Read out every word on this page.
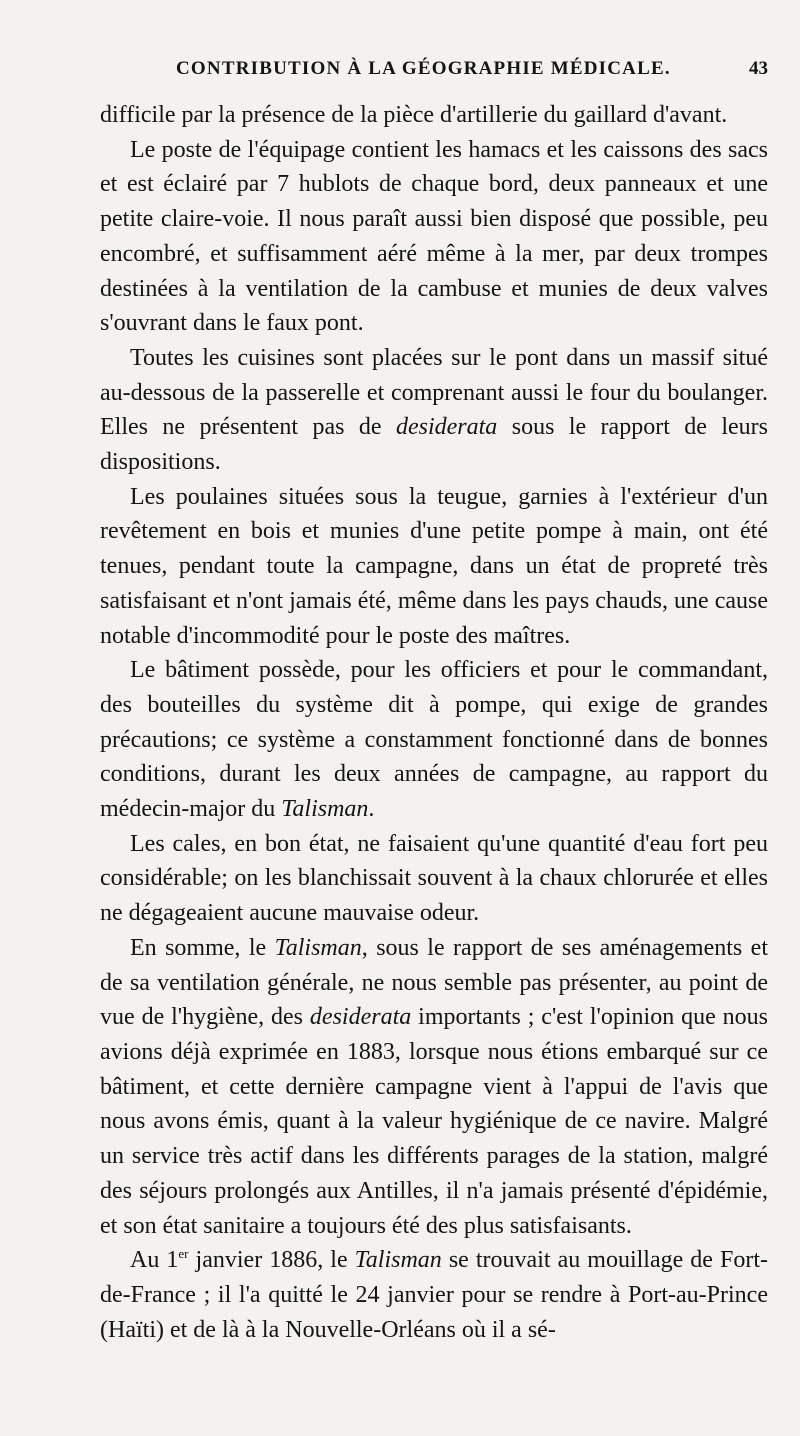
CONTRIBUTION À LA GÉOGRAPHIE MÉDICALE.	43

difficile par la présence de la pièce d'artillerie du gaillard d'avant.

Le poste de l'équipage contient les hamacs et les caissons des sacs et est éclairé par 7 hublots de chaque bord, deux panneaux et une petite claire-voie. Il nous paraît aussi bien disposé que possible, peu encombré, et suffisamment aéré même à la mer, par deux trompes destinées à la ventilation de la cambuse et munies de deux valves s'ouvrant dans le faux pont.

Toutes les cuisines sont placées sur le pont dans un massif situé au-dessous de la passerelle et comprenant aussi le four du boulanger. Elles ne présentent pas de desiderata sous le rapport de leurs dispositions.

Les poulaines situées sous la teugue, garnies à l'extérieur d'un revêtement en bois et munies d'une petite pompe à main, ont été tenues, pendant toute la campagne, dans un état de propreté très satisfaisant et n'ont jamais été, même dans les pays chauds, une cause notable d'incommodité pour le poste des maîtres.

Le bâtiment possède, pour les officiers et pour le commandant, des bouteilles du système dit à pompe, qui exige de grandes précautions; ce système a constamment fonctionné dans de bonnes conditions, durant les deux années de campagne, au rapport du médecin-major du Talisman.

Les cales, en bon état, ne faisaient qu'une quantité d'eau fort peu considérable; on les blanchissait souvent à la chaux chlorurée et elles ne dégageaient aucune mauvaise odeur.

En somme, le Talisman, sous le rapport de ses aménagements et de sa ventilation générale, ne nous semble pas présenter, au point de vue de l'hygiène, des desiderata importants ; c'est l'opinion que nous avions déjà exprimée en 1883, lorsque nous étions embarqué sur ce bâtiment, et cette dernière campagne vient à l'appui de l'avis que nous avons émis, quant à la valeur hygiénique de ce navire. Malgré un service très actif dans les différents parages de la station, malgré des séjours prolongés aux Antilles, il n'a jamais présenté d'épidémie, et son état sanitaire a toujours été des plus satisfaisants.

Au 1er janvier 1886, le Talisman se trouvait au mouillage de Fort-de-France ; il l'a quitté le 24 janvier pour se rendre à Port-au-Prince (Haïti) et de là à la Nouvelle-Orléans où il a sé-
